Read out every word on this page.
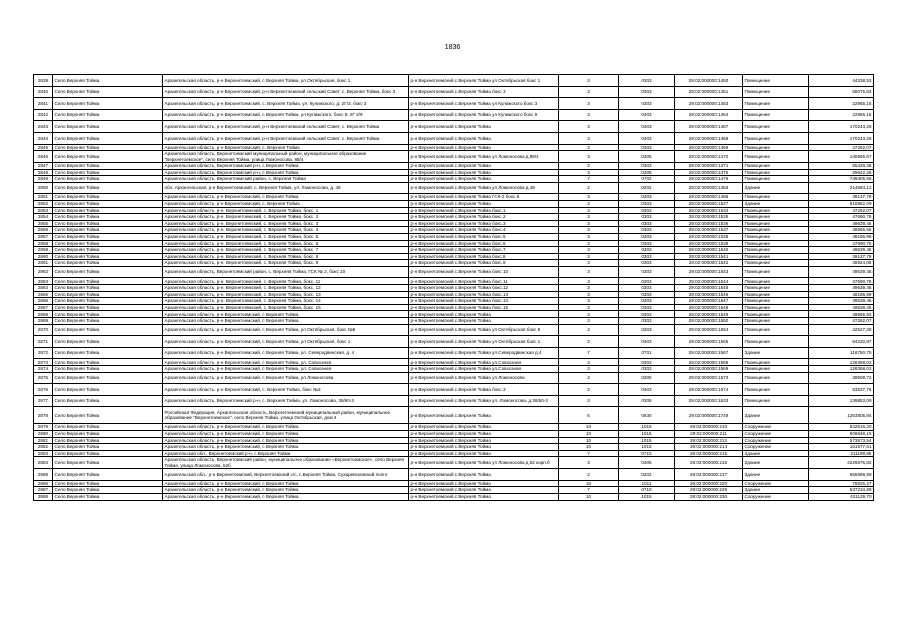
1836
2839	Село Верхняя Тойма	Архангельская область, р-н Верхнетоемский, с Верхняя Тойма, ул Октябрьская, бокс 1	р-н Верхнетоемский с.Верхняя Тойма ул Октябрьская бокс 1	3	0303	29:02:000000:1450	Помещение	44338,53
2840	Село Верхняя Тойма	Архангельская область, р-н Верхнетоемский, р-н Верхнетоемский сельский Совет, с. Верхняя Тойма, бокс 3	р-н Верхнетоемский с.Верхняя Тойма бокс 3	3	0303	29:02:000000:1451	Помещение	65075,83
2841	Село Верхняя Тойма	Архангельская область, р-н Верхнетоемский, с. Верхняя Тойма, ул. Кулижского, д. 2Г/3, бокс 3	р-н Верхнетоемский с.Верхняя Тойма ул Кулижского бокс 3	3	0303	29:02:000000:1453	Помещение	22955,15
2842	Село Верхняя Тойма	Архангельская область, р-н Верхнетоемский, с Верхняя Тойма, ул Кулижского, бокс 9, 2Г 2/9	р-н Верхнетоемский с.Верхняя Тойма ул Кулижского бокс 9	3	0303	29:02:000000:1454	Помещение	22955,15
2843	Село Верхняя Тойма	Архангельская область, р-н Верхнетоемский, р-н Верхнетоемский сельский Совет, с. Верхняя Тойма	р-н Верхнетоемский с.Верхняя Тойма	3	0303	29:02:000000:1467	Помещение	170243,26
2844	Село Верхняя Тойма	Архангельская область, р-н Верхнетоемский, р-н Верхнетоемский сельский Совет, с. Верхняя Тойма	р-н Верхнетоемский с.Верхняя Тойма	3	0303	29:02:000000:1468	Помещение	170243,26
2845	Село Верхняя Тойма	Архангельская область, р-н Верхнетоемский, с. Верхняя Тойма	р-н Верхнетоемский с.Верхняя Тойма	3	0303	29:02:000000:1469	Помещение	47262,07
2846	Село Верхняя Тойма	Архангельская область, Верхнетоемский муниципальный район, муниципальное образование "Верхнетоемское", село Верхняя Тойма, улица Ломоносова, 88/4	р-н Верхнетоемский с.Верхняя Тойма ул Ломоносова д.88/4	3	0305	29:02:000000:1470	Помещение	140655,67
2847	Село Верхняя Тойма	Архангельская область, Верхнетоемский р-н, с Верхняя Тойма	р-н Верхнетоемский с.Верхняя Тойма	3	0303	29:02:000000:1471	Помещение	55426,35
2848	Село Верхняя Тойма	Архангельская область, Верхнетоемский р-н, с Верхняя Тойма	р-н Верхнетоемский с.Верхняя Тойма	3	0305	29:02:000000:1475	Помещение	29642,28
2849	Село Верхняя Тойма	Архангельская область, Верхнетоемский район, с. Верхняя Тойма	р-н Верхнетоемский с.Верхняя Тойма	7	0702	29:02:000000:1476	Помещение	739405,55
2850	Село Верхняя Тойма	обл. Архангельская, р-н Верхнетоемский, с. Верхняя Тойма, ул. Ломоносова, д. 48	р-н Верхнетоемский с.Верхняя Тойма ул Ломоносова д.48	2	0202	29:02:000000:1483	Здание	214684,12
2851	Село Верхняя Тойма	Архангельская область, р-н Верхнетоемский, с Верхняя Тойма	р-н Верхнетоемский с.Верхняя Тойма ГСК-2 бокс 8	3	0303	29:02:000000:1486	Помещение	39137,79
2852	Село Верхняя Тойма	Архангельская область, р-н Верхнетоемский, с. Верхняя Тойма	р-н Верхнетоемский с.Верхняя Тойма	3	0303	29:02:000000:1527	Здание	810582,09
2853	Село Верхняя Тойма	Архангельская область, р-н. Верхнетоемский, с. Верхняя Тойма, бокс. 1	р-н Верхнетоемский с.Верхняя Тойма бокс.1	3	0303	29:02:000000:1534	Помещение	47262,07
2854	Село Верхняя Тойма	Архангельская область, р-н. Верхнетоемский, с. Верхняя Тойма, бокс. 2	р-н Верхнетоемский с.Верхняя Тойма бокс.2	3	0303	29:02:000000:1535	Помещение	47690,76
2855	Село Верхняя Тойма	Архангельская область, р-н. Верхнетоемский, с. Верхняя Тойма, бокс. 3	р-н Верхнетоемский с.Верхняя Тойма бокс.3	3	0303	29:02:000000:1536	Помещение	49639,45
2856	Село Верхняя Тойма	Архангельская область, р-н. Верхнетоемский, с. Верхняя Тойма, бокс. 4	р-н Верхнетоемский с.Верхняя Тойма бокс.4	3	0303	29:02:000000:1537	Помещение	48665,56
2857	Село Верхняя Тойма	Архангельская область, р-н. Верхнетоемский, с. Верхняя Тойма, бокс. 5	р-н Верхнетоемский с.Верхняя Тойма бокс.5	3	0303	29:02:000000:1538	Помещение	48186,99
2858	Село Верхняя Тойма	Архангельская область, р-н. Верхнетоемский, с. Верхняя Тойма, бокс. 6	р-н Верхнетоемский с.Верхняя Тойма бокс.6	3	0303	29:02:000000:1539	Помещение	47690,76
2859	Село Верхняя Тойма	Архангельская область, р-н. Верхнетоемский, с. Верхняя Тойма, бокс. 7	р-н Верхнетоемский с.Верхняя Тойма бокс.7	3	0303	29:02:000000:1540	Помещение	49639,45
2860	Село Верхняя Тойма	Архангельская область, р-н. Верхнетоемский, с. Верхняя Тойма, бокс. 8	р-н Верхнетоемский с.Верхняя Тойма бокс.8	3	0303	29:02:000000:1541	Помещение	39137,79
2861	Село Верхняя Тойма	Архангельская область, р-н. Верхнетоемский, с. Верхняя Тойма, бокс. 9	р-н Верхнетоемский с.Верхняя Тойма бокс.9	3	0303	29:02:000000:1542	Помещение	45924,08
2862	Село Верхняя Тойма	Архангельская область, Верхнетоемский район, с. Верхняя Тойма, ГСК № 2, бокс 10	р-н Верхнетоемский с.Верхняя Тойма бокс 10	3	0303	29:02:000000:1543	Помещение	49639,45
2863	Село Верхняя Тойма	Архангельская область, р-н. Верхнетоемский, с. Верхняя Тойма, бокс. 11	р-н Верхнетоемский с.Верхняя Тойма бокс.11	3	0303	29:02:000000:1544	Помещение	47690,76
2864	Село Верхняя Тойма	Архангельская область, р-н. Верхнетоемский, с. Верхняя Тойма, бокс. 12	р-н Верхнетоемский с.Верхняя Тойма бокс.12	3	0303	29:02:000000:1545	Помещение	49639,45
2865	Село Верхняя Тойма	Архангельская область, р-н. Верхнетоемский, с. Верхняя Тойма, бокс. 13	р-н Верхнетоемский с.Верхняя Тойма бокс.13	3	0303	29:02:000000:1546	Помещение	48186,99
2866	Село Верхняя Тойма	Архангельская область, р-н. Верхнетоемский, с. Верхняя Тойма, бокс. 14	р-н Верхнетоемский с.Верхняя Тойма бокс.14	3	0303	29:02:000000:1547	Помещение	49639,45
2867	Село Верхняя Тойма	Архангельская область, р-н. Верхнетоемский, с. Верхняя Тойма, бокс. 15	р-н Верхнетоемский с.Верхняя Тойма бокс.15	3	0303	29:02:000000:1548	Помещение	49639,45
2868	Село Верхняя Тойма	Архангельская область, р-н Верхнетоемский, с Верхняя Тойма	р-н Верхнетоемский с.Верхняя Тойма	3	0303	29:02:000000:1549	Помещение	49665,53
2869	Село Верхняя Тойма	Архангельская область, р-н Верхнетоемский, с Верхняя Тойма	р-н Верхнетоемский с.Верхняя Тойма	3	0303	29:02:000000:1550	Помещение	47262,07
2870	Село Верхняя Тойма	Архангельская область, р-н Верхнетоемский, с Верхняя Тойма, ул Октябрьская, бокс №8	р-н Верхнетоемский с.Верхняя Тойма ул Октябрьская бокс 8	3	0303	29:02:000000:1564	Помещение	42527,29
2871	Село Верхняя Тойма	Архангельская область, р-н Верхнетоемский, с Верхняя Тойма, ул Октябрьская, бокс 1	р-н Верхнетоемский с.Верхняя Тойма ул Октябрьская бокс 1	3	0303	29:02:000000:1565	Помещение	84220,87
2872	Село Верхняя Тойма	Архангельская область, р-н Верхнетоемский, с Верхняя Тойма, ул. Северодвинская, д. 4	р-н Верхнетоемский с.Верхняя Тойма ул.Северодвинская д.4	7	0701	29:02:000000:1567	Здание	116750,75
2873	Село Верхняя Тойма	Архангельская область, р-н Верхнетоемский, с Верхняя Тойма, ул. Совхозная	р-н Верхнетоемский с.Верхняя Тойма ул.Совхозная	3	0303	29:02:000000:1568	Помещение	128358,02
2874	Село Верхняя Тойма	Архангельская область, р-н Верхнетоемский, с Верхняя Тойма, ул. Совхозная	р-н Верхнетоемский с.Верхняя Тойма ул.Совхозная	3	0303	29:02:000000:1569	Помещение	128358,02
2875	Село Верхняя Тойма	Архангельская область, р-н Верхнетоемский, с Верхняя Тойма, ул Ломоносова	р-н Верхнетоемский с.Верхняя Тойма ул Ломоносова	3	0305	29:02:000000:1573	Помещение	39509,72
2876	Село Верхняя Тойма	Архангельская область, р-н Верхнетоемский, с. Верхняя Тойма, бокс №3	р-н Верхнетоемский с.Верхняя Тойма бокс.3	3	0303	29:02:000000:1574	Помещение	53537,76
2877	Село Верхняя Тойма	Архангельская область, Верхнетоемский р-н, с. Верхняя Тойма, ул. Ломоносова, 36/60-3	р-н Верхнетоемский с.Верхняя Тойма ул. Ломоносова, д.36/60-3	3	0305	29:02:000000:1633	Помещение	139853,09
2878	Село Верхняя Тойма	Российская Федерация, Архангельская область, Верхнетоемский муниципальный район, муниципальное образование "Верхнетоемское", село Верхняя Тойма, улица Октябрьская, дом 4	р-н Верхнетоемский с.Верхняя Тойма	6	0630	29:02:000000:1749	Здание	1263805,84
2879	Село Верхняя Тойма	Архангельская область, р-н Верхнетоемский, с Верхняя Тойма	р-н Верхнетоемский с.Верхняя Тойма	10	1015	29:02:000000:210	Сооружение	542516,20
2880	Село Верхняя Тойма	Архангельская область, р-н Верхнетоемский, с Верхняя Тойма	р-н Верхнетоемский с.Верхняя Тойма	10	1015	29:02:000000:211	Сооружение	606648,15
2881	Село Верхняя Тойма	Архангельская область, р-н Верхнетоемский, с Верхняя Тойма	р-н Верхнетоемский с.Верхняя Тойма	10	1015	29:02:000000:212	Сооружение	573673,54
2882	Село Верхняя Тойма	Архангельская область, р-н Верхнетоемский, с Верхняя Тойма	р-н Верхнетоемский с.Верхняя Тойма	10	1015	29:02:000000:214	Сооружение	161977,61
2883	Село Верхняя Тойма	Архангельская обл., Верхнетоемский р-н, с Верхняя Тойма	р-н Верхнетоемский с.Верхняя Тойма	7	0710	29:02:000000:215	Здание	211189,85
2884	Село Верхняя Тойма	Архангельская область, Верхнетоемский район, муниципальное образование «Верхнетоемское», село Верхняя Тойма, улица Ломоносова, 52б	р-н Верхнетоемский с.Верхняя Тойма ул Ломоносова д.52 корп.б	3	0305	29:02:000000:216	Здание	2226575,83
2885	Село Верхняя Тойма	Архангельская обл., р-н Верхнетоемский, Верхнетоемский с/с, с.Верхняя Тойма, Сухаревсковский полго	р-н Верхнетоемский с.Верхняя Тойма	2	0202	29:02:000000:217	Здание	655689,89
2886	Село Верхняя Тойма	Архангельская область, р-н Верхнетоемский, с Верхняя Тойма	р-н Верхнетоемский с.Верхняя Тойма	10	1011	29:02:000000:220	Сооружение	76925,27
2887	Село Верхняя Тойма	Архангельская область, р-н Верхнетоемский, с Верхняя Тойма	р-н Верхнетоемский с.Верхняя Тойма	7	0710	29:02:000000:229	Здание	537234,89
2888	Село Верхняя Тойма	Архангельская область, р-н Верхнетоемский, с Верхняя Тойма	р-н Верхнетоемский с.Верхняя Тойма	10	1015	29:02:000000:230	Сооружение	431129,70
